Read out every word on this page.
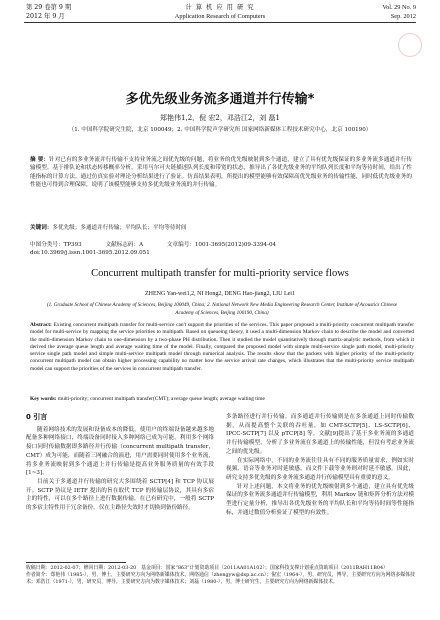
第 29 卷第 9 期
2012 年 9 月
计 算 机 应 用 研 究
Application Research of Computers
Vol. 29 No. 9
Sep. 2012
多优先级业务流多通道并行传输*
郑艳伟1,2，倪 宏2，邓浩江2，刘 磊1
（1. 中国科学院研究生院，北京 100049；2. 中国科学院声学研究所 国家网络新媒体工程技术研究中心，北京 100190）
摘 要：针对已有的多业务流并行传输不支持业务流之间优先级的问题，将业务的优先级映射到多个通道，建立了具有优先级保证的多业务流多通道并行传输模型。基于排队论和状态转移概率分析，采用马尔可夫链描述队列长度和带宽的状态，推导出了各优先级业务的平均队列长度和平均等待时间，给出了性能指标的计算方法。通过仿真实验对理论分析结果进行了验证。仿真结果表明，所提出的模型能够有效保障高优先级业务的传输性能，同时低优先级业务的性能也可得到合理保障，说明了该模型能够支持多优先级业务流的并行传输。
关键词：多优先级；多通道并行传输；平均队长；平均等待时间
中图分类号：TP393	文献标志码：A	文章编号：1001-3695(2012)09-3394-04
doi:10.3969/j.issn.1001-3695.2012.09.051
Concurrent multipath transfer for multi-priority service flows
ZHENG Yan-wei1,2, NI Hong2, DENG Hao-jiang2, LIU Lei1
(1. Graduate School of Chinese Academy of Sciences, Beijing 100049, China; 2. National Network New Media Engineering Research Center, Institute of Acoustics Chinese Academy of Sciences, Beijing 100190, China)
Abstract: Existing concurrent multipath transfer for multi-service can't support the priorities of the services. This paper proposed a multi-priority concurrent multipath transfer model for multi-service by mapping the service priorities to multipath. Based on queueing theory, it used a multi-dimension Markov chain to describe the model and converted the multi-dimension Markov chain to one-dimension by a two-phase PH distribution. Then it studied the model quantitatively through matrix-analytic methods, from which it derived the average queue length and average waiting time of the model. Finally, compared the proposed model with simple multi-service single path model, multi-priority service single path model and simple multi-service multipath model through numerical analysis. The results show that the packets with higher priority of the multi-priority concurrent multipath model can obtain higher processing capability no matter how the service arrival rate changes, which illustrates that the multi-priority service multipath model can support the priorities of the services in concurrent multipath transfer.
Key words: multi-priority; concurrent multipath transfer(CMT); average queue length; average waiting time
0 引言

随着网络技术的发展和设备成本的降低，使用户的终端设备越来越多地配备多种网络接口，终端设备同时接入多种网络已成为可能。利用多个网络接口同时传输数据即多路径并行传输（concurrent multipath transfer，CMT）成为可能，而随着三网融合的演进，用户需要同时使用多个业务流，将多业务流映射到多个通道上并行传输是提高业务服务质量的有效手段[1~3]。

目前关于多通道并行传输的研究大多围绕着 SCTP[4] 和 TCP 协议展开。SCTP 协议是 IETF 提出的旨在取代 TCP 的传输层协议，其具有多宿主的特性，可以在多个路径上进行数据传输。在已有研究中，一般将 SCTP 的多宿主特性用于冗余备份，仅在主路径失效时才切换到备份路径。

多条路径进行并行传输。而多通道并行传输则是在多条通道上同时传输数据，从而提高整个关联的吞吐量，如 CMT-SCTP[5]、LS-SCTP[6]、IPCC-SCTP[7] 以及 pTCP[8] 等。文献[9]提出了基于多业务流的多通道并行传输模型，分析了多业务流在多通道上的传输性能，但没有考虑业务流之间的优先级。

在实际网络中，不同的业务流往往具有不同的服务质量需求，例如实时视频、语音等业务对时延敏感，而文件下载等业务则对时延不敏感。因此，研究支持多优先级的多业务流多通道并行传输模型具有重要的意义。

针对上述问题，本文将业务的优先级映射到多个通道，建立具有优先级保证的多业务流多通道并行传输模型，利用 Markov 链和矩阵分析方法对模型进行定量分析，推导出各优先级业务的平均队长和平均等待时间等性能指标，并通过数值分析验证了模型的有效性。

收稿日期：2012-02-07；修回日期：2012-03-20　基金项目：国家“863”计划资助项目（2011AA01A102）；国家科技支撑计划重点资助项目（2011BAH11B04）
作者简介：郑艳伟（1985-），男，博士，主要研究方向为网络新媒体技术、网络通信（zhengyw@dsp.ac.cn）；倪宏（1964-），男，研究员，博导，主要研究方向为网络多媒体技术；邓浩江（1971-），男，研究员，博导，主要研究方向为数字媒体技术；刘磊（1980-），男，博士研究生，主要研究方向为网络新媒体技术。
